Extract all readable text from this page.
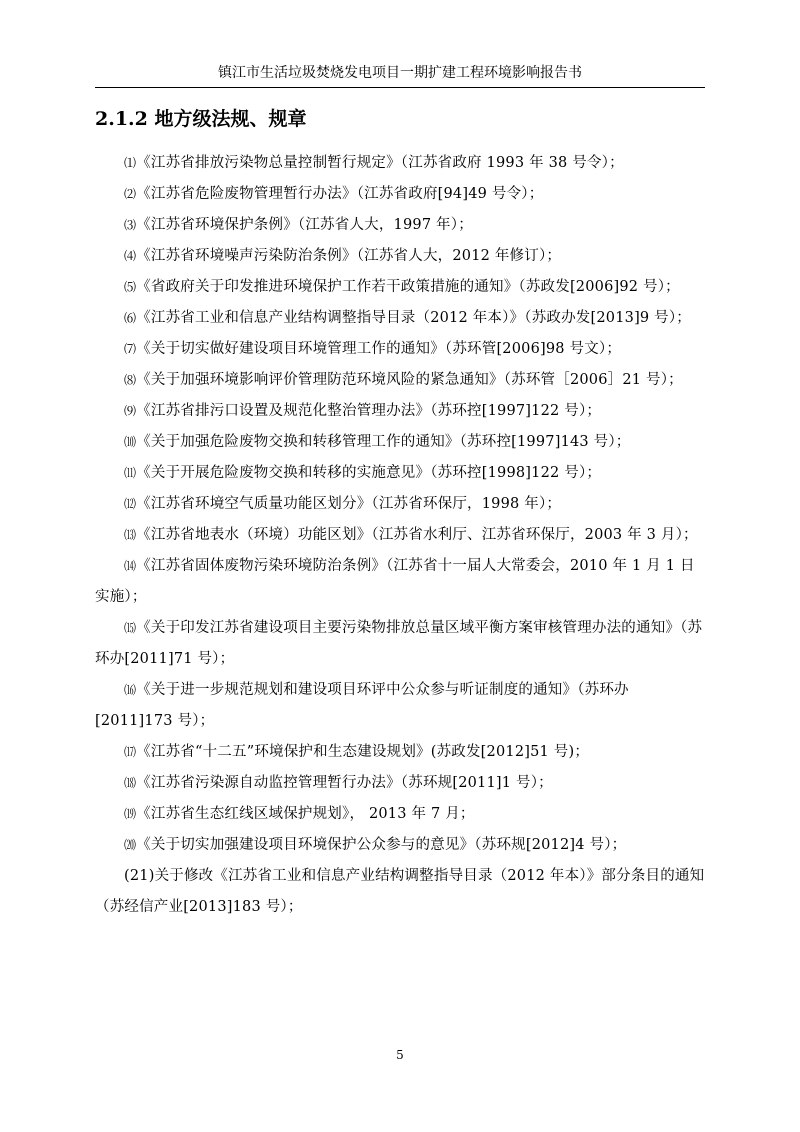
镇江市生活垃圾焚烧发电项目一期扩建工程环境影响报告书
2.1.2 地方级法规、规章
⑴《江苏省排放污染物总量控制暂行规定》（江苏省政府 1993 年 38 号令）；
⑵《江苏省危险废物管理暂行办法》（江苏省政府[94]49 号令）；
⑶《江苏省环境保护条例》（江苏省人大，1997 年）；
⑷《江苏省环境噪声污染防治条例》（江苏省人大，2012 年修订）；
⑸《省政府关于印发推进环境保护工作若干政策措施的通知》（苏政发[2006]92 号）；
⑹《江苏省工业和信息产业结构调整指导目录（2012 年本）》（苏政办发[2013]9 号）；
⑺《关于切实做好建设项目环境管理工作的通知》（苏环管[2006]98 号文）；
⑻《关于加强环境影响评价管理防范环境风险的紧急通知》（苏环管［2006］21 号）；
⑼《江苏省排污口设置及规范化整治管理办法》（苏环控[1997]122 号）；
⑽《关于加强危险废物交换和转移管理工作的通知》（苏环控[1997]143 号）；
⑾《关于开展危险废物交换和转移的实施意见》（苏环控[1998]122 号）；
⑿《江苏省环境空气质量功能区划分》（江苏省环保厅，1998 年）；
⒀《江苏省地表水（环境）功能区划》（江苏省水利厅、江苏省环保厅，2003 年 3 月）；
⒁《江苏省固体废物污染环境防治条例》（江苏省十一届人大常委会，2010 年 1 月 1 日实施）；
⒂《关于印发江苏省建设项目主要污染物排放总量区域平衡方案审核管理办法的通知》（苏环办[2011]71 号）；
⒃《关于进一步规范规划和建设项目环评中公众参与听证制度的通知》（苏环办[2011]173 号）；
⒄《江苏省“十二五”环境保护和生态建设规划》(苏政发[2012]51 号)；
⒅《江苏省污染源自动监控管理暂行办法》（苏环规[2011]1 号）；
⒆《江苏省生态红线区域保护规划》， 2013 年 7 月；
⒇《关于切实加强建设项目环境保护公众参与的意见》（苏环规[2012]4 号）；
(21)关于修改《江苏省工业和信息产业结构调整指导目录（2012 年本）》部分条目的通知（苏经信产业[2013]183 号）；
5
